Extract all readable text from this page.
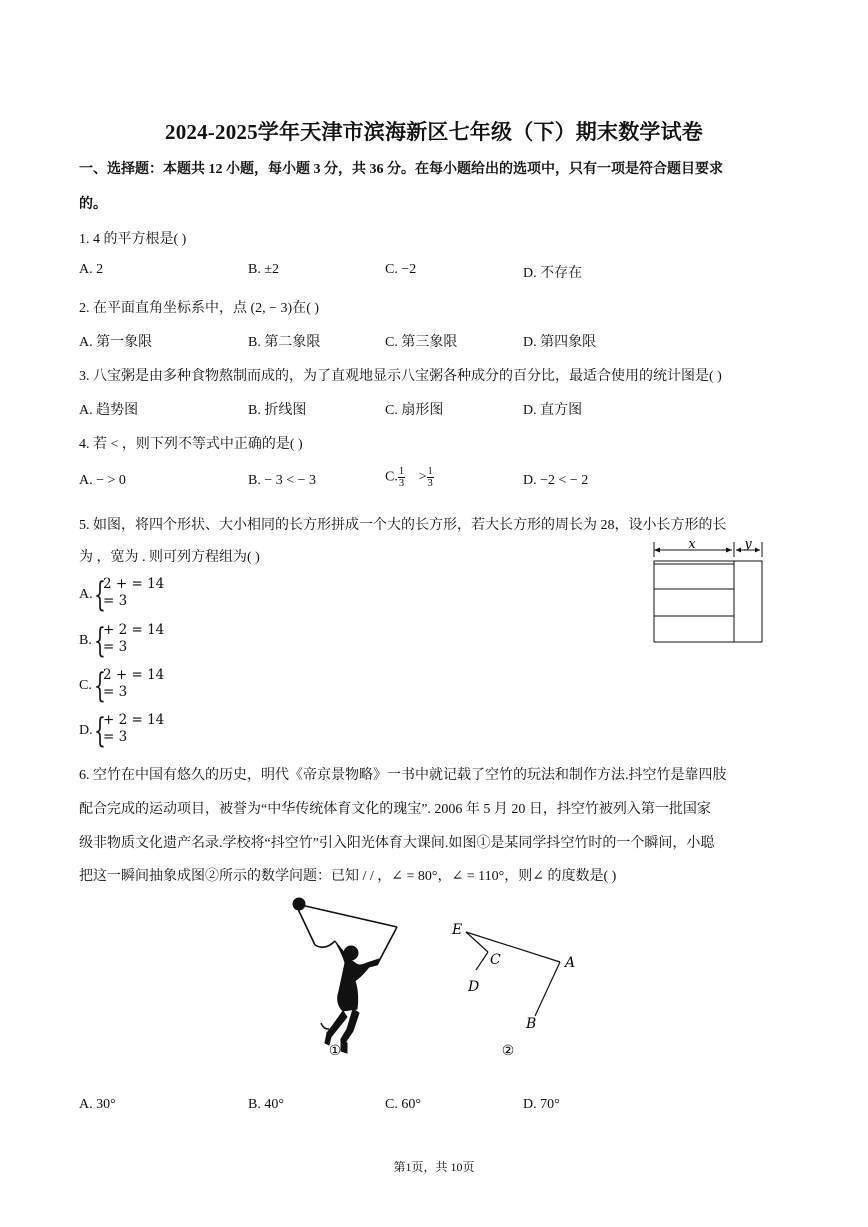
2024-2025学年天津市滨海新区七年级（下）期末数学试卷
一、选择题：本题共 12 小题，每小题 3 分，共 36 分。在每小题给出的选项中，只有一项是符合题目要求
的。
1. 4 的平方根是( )
A. 2	B. ±2	C. −2	D. 不存在
2. 在平面直角坐标系中，点 (2, − 3)在( )
A. 第一象限	B. 第二象限	C. 第三象限	D. 第四象限
3. 八宝粥是由多种食物熬制而成的，为了直观地显示八宝粥各种成分的百分比，最适合使用的统计图是( )
A. 趋势图	B. 折线图	C. 扇形图	D. 直方图
4. 若 < ，则下列不等式中正确的是( )
A. − > 0	B. − 3 < − 3	C. $\frac{1}{3} > \frac{1}{3}$	D. −2 < − 2
5. 如图，将四个形状、大小相同的长方形拼成一个大的长方形，若大长方形的周长为 28，设小长方形的长
为 ，宽为 . 则可列方程组为( )
A. {
2 + = 14
= 3
B. {
+ 2 = 14
= 3
C. {
2 + = 14
= 3
D. {
+ 2 = 14
= 3
x	y
6. 空竹在中国有悠久的历史，明代《帝京景物略》一书中就记载了空竹的玩法和制作方法.抖空竹是靠四肢
配合完成的运动项目，被誉为“中华传统体育文化的瑰宝”. 2006 年 5 月 20 日，抖空竹被列入第一批国家
级非物质文化遗产名录.学校将“抖空竹”引入阳光体育大课间.如图①是某同学抖空竹时的一个瞬间，小聪
把这一瞬间抽象成图②所示的数学问题：已知 / / ，∠ = 80°，∠ = 110°，则∠ 的度数是( )
①
E
C
D
A
B
②
A. 30°	B. 40°	C. 60°	D. 70°
第1页，共 10页
